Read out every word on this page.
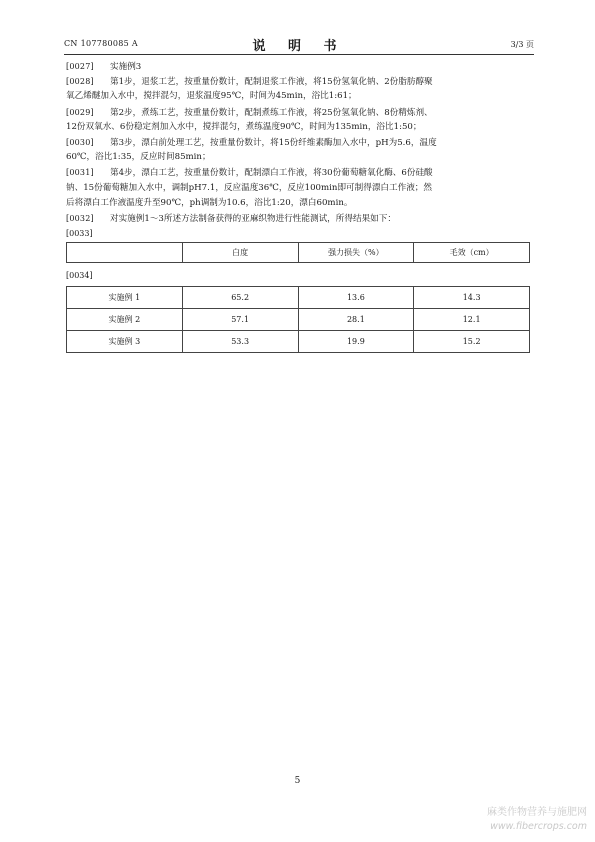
CN 107780085 A	说 明 书	3/3 页
[0027] 实施例3
[0028] 第1步，退浆工艺，按重量份数计，配制退浆工作液，将15份氢氧化钠、2份脂肪醇聚
氧乙烯醚加入水中，搅拌混匀，退浆温度95℃，时间为45min，浴比1:61；
[0029] 第2步，煮练工艺，按重量份数计，配制煮练工作液，将25份氢氧化钠、8份精炼剂、
12份双氧水、6份稳定剂加入水中，搅拌混匀，煮练温度90℃，时间为135min，浴比1:50；
[0030] 第3步，漂白前处理工艺，按重量份数计，将15份纤维素酶加入水中，pH为5.6，温度
60℃，浴比1:35，反应时间85min；
[0031] 第4步，漂白工艺，按重量份数计，配制漂白工作液，将30份葡萄糖氧化酶、6份硅酸
钠、15份葡萄糖加入水中，调制pH7.1，反应温度36℃，反应100min即可制得漂白工作液；然
后将漂白工作液温度升至90℃，ph调制为10.6，浴比1:20，漂白60min。
[0032] 对实施例1～3所述方法制备获得的亚麻织物进行性能测试，所得结果如下：
[0033]
	白度	强力损失（%）	毛效（cm）
[0034]
实施例 1	65.2	13.6	14.3
实施例 2	57.1	28.1	12.1
实施例 3	53.3	19.9	15.2
5
麻类作物营养与施肥网
www.fibercrops.com
